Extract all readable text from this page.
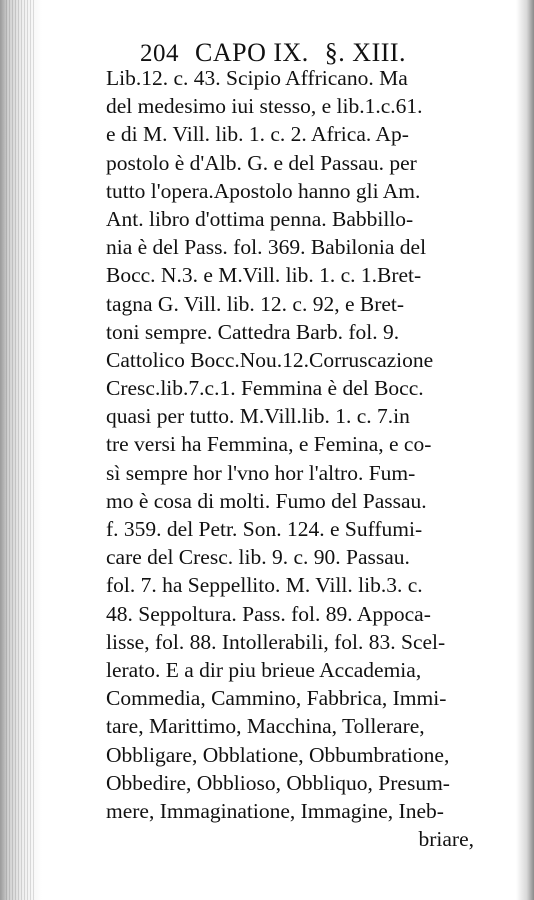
204 CAPO IX. §. XIII.
Lib.12. c. 43. Scipio Affricano. Ma
del medesimo iui stesso, e lib.1.c.61.
e di M. Vill. lib. 1. c. 2. Africa. Ap-
postolo è d'Alb. G. e del Passau. per
tutto l'opera.Apostolo hanno gli Am.
Ant. libro d'ottima penna. Babbillo-
nia è del Pass. fol. 369. Babilonia del
Bocc. N.3. e M.Vill. lib. 1. c. 1.Bret-
tagna G. Vill. lib. 12. c. 92, e Bret-
toni sempre. Cattedra Barb. fol. 9.
Cattolico Bocc.Nou.12.Corruscazione
Cresc.lib.7.c.1. Femmina è del Bocc.
quasi per tutto. M.Vill.lib. 1. c. 7.in
tre versi ha Femmina, e Femina, e co-
sì sempre hor l'vno hor l'altro. Fum-
mo è cosa di molti. Fumo del Passau.
f. 359. del Petr. Son. 124. e Suffumi-
care del Cresc. lib. 9. c. 90. Passau.
fol. 7. ha Seppellito. M. Vill. lib.3. c.
48. Seppoltura. Pass. fol. 89. Appoca-
lisse, fol. 88. Intollerabili, fol. 83. Scel-
lerato. E a dir piu brieue Accademia,
Commedia, Cammino, Fabbrica, Immi-
tare, Marittimo, Macchina, Tollerare,
Obbligare, Obblatione, Obbumbratione,
Obbedire, Obblioso, Obbliquo, Presum-
mere, Immaginatione, Immagine, Ineb-
briare,
